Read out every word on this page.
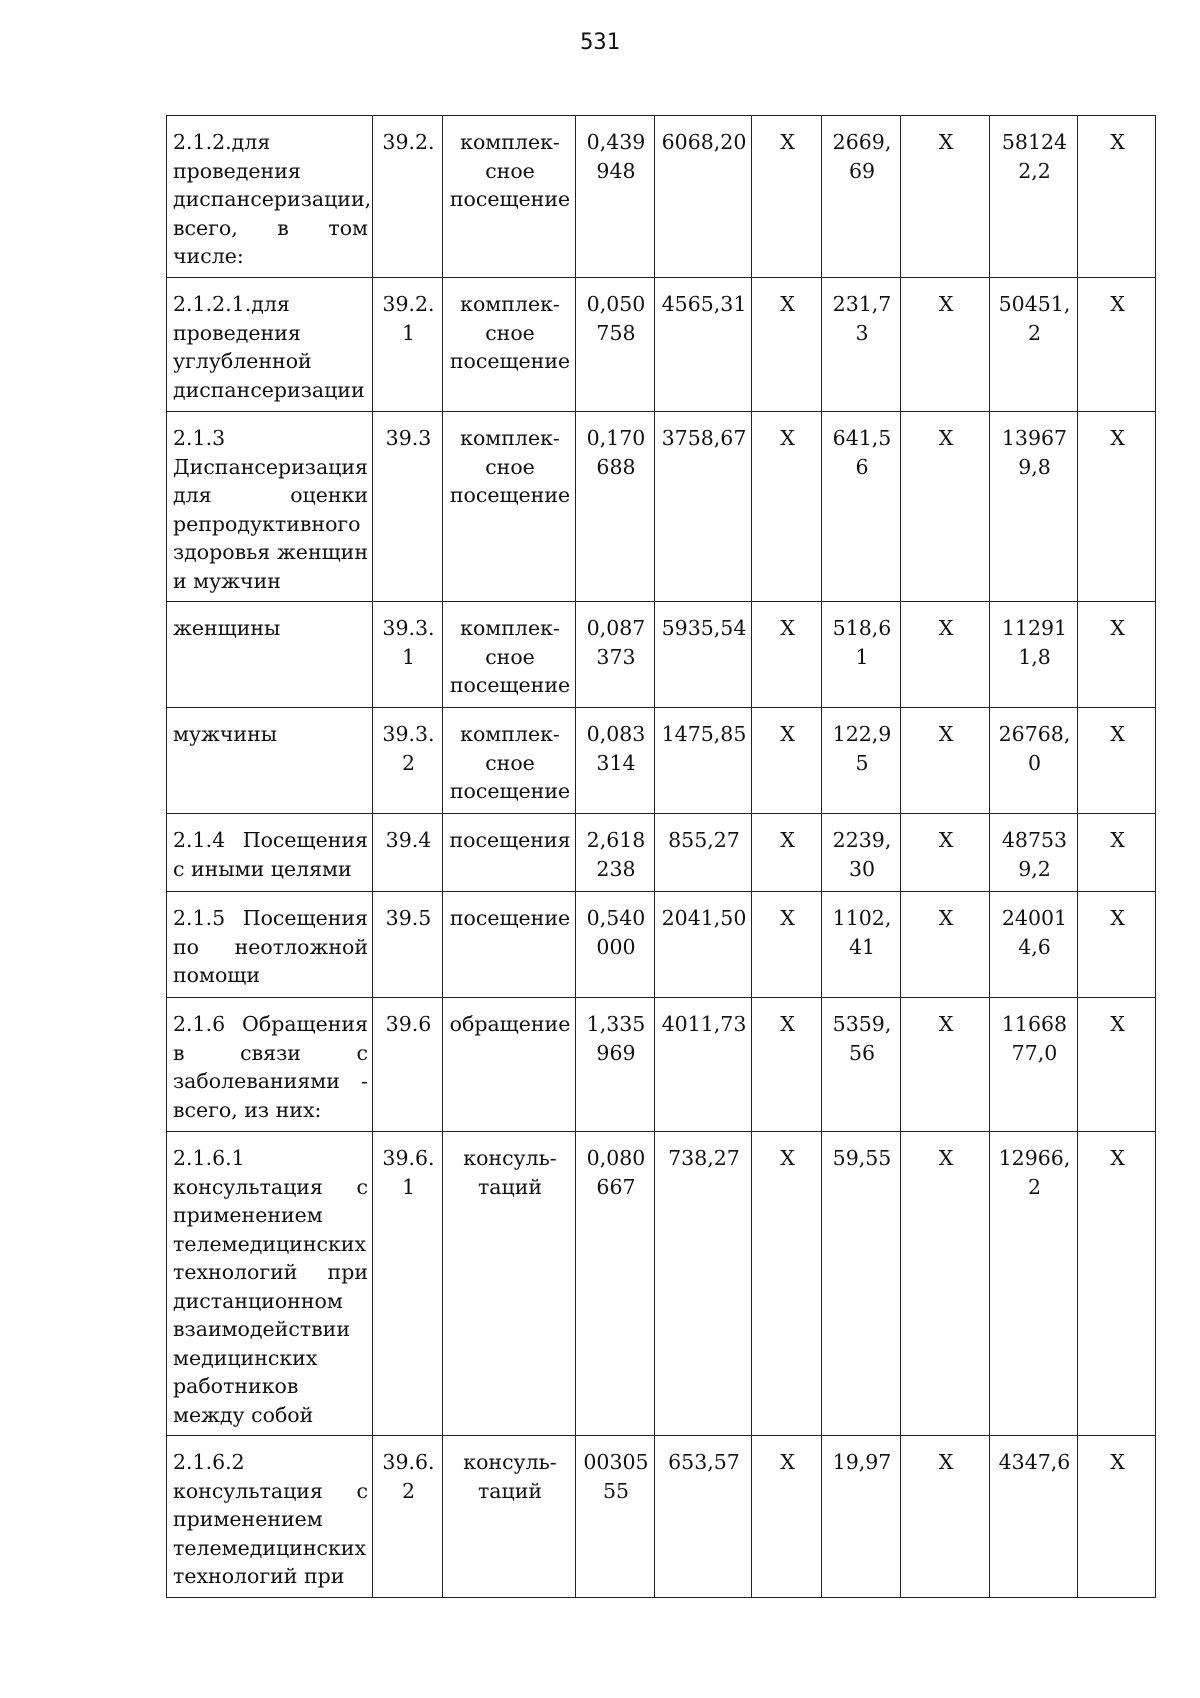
531
2.1.2.для проведения диспансеризации, всего, в том числе:	39.2.	комплек-сное посещение	0,439948	6068,20	X	2669,69	X	581242,2	X
2.1.2.1.для проведения углубленной диспансеризации	39.2.1	комплек-сное посещение	0,050758	4565,31	X	231,73	X	50451,2	X
2.1.3 Диспансеризация для оценки репродуктивного здоровья женщин и мужчин	39.3	комплек-сное посещение	0,170688	3758,67	X	641,56	X	139679,8	X
женщины	39.3.1	комплек-сное посещение	0,087373	5935,54	X	518,61	X	112911,8	X
мужчины	39.3.2	комплек-сное посещение	0,083314	1475,85	X	122,95	X	26768,0	X
2.1.4 Посещения с иными целями	39.4	посещения	2,618238	855,27	X	2239,30	X	487539,2	X
2.1.5 Посещения по неотложной помощи	39.5	посещение	0,540000	2041,50	X	1102,41	X	240014,6	X
2.1.6 Обращения в связи с заболеваниями - всего, из них:	39.6	обращение	1,335969	4011,73	X	5359,56	X	1166877,0	X
2.1.6.1 консультация с применением телемедицинских технологий при дистанционном взаимодействии медицинских работников между собой	39.6.1	консуль-таций	0,080667	738,27	X	59,55	X	12966,2	X
2.1.6.2 консультация с применением телемедицинских технологий при	39.6.2	консуль-таций	0030555	653,57	X	19,97	X	4347,6	X
